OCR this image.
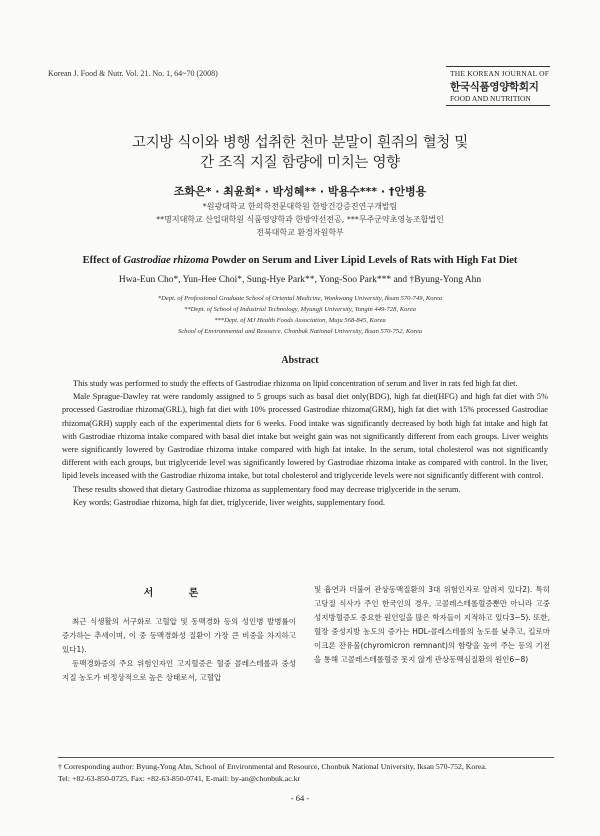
Korean J. Food & Nutr. Vol. 21. No. 1, 64~70 (2008)	THE KOREAN JOURNAL OF
한국식품영양학회지
FOOD AND NUTRITION
고지방 식이와 병행 섭취한 천마 분말이 흰쥐의 혈청 및
간 조직 지질 함량에 미치는 영향
조화은* · 최윤희* · 박성혜** · 박용수*** · †안병용
*원광대학교 한의학전문대학원 한방건강증진연구개발팀
**명지대학교 산업대학원 식품영양학과 한방약선전공, ***무주군약초영농조합법인
전북대학교 환경자원학부
Effect of Gastrodiae rhizoma Powder on Serum and Liver Lipid Levels of Rats with High Fat Diet
Hwa-Eun Cho*, Yun-Hee Choi*, Sung-Hye Park**, Yong-Soo Park*** and †Byung-Yong Ahn
*Dept. of Professional Graduate School of Oriental Medicine, Wonkwang University, Iksan 570-749, Korea
**Dept. of School of Industrial Technology, Myungji University, Yongin 449-728, Korea
***Dept. of MJ Health Foods Association, Muju 568-845, Korea
School of Environmental and Resource, Chonbuk National University, Iksan 570-752, Korea
Abstract

This study was performed to study the effects of Gastrodiae rhizoma on lipid concentration of serum and liver in rats fed high fat diet.

Male Sprague-Dawley rat were randomly assigned to 5 groups such as basal diet only(BDG), high fat diet(HFG) and high fat diet with 5% processed Gastrodiae rhizoma(GRL), high fat diet with 10% processed Gastrodiae rhizoma(GRM), high fat diet with 15% processed Gastrodiae rhizoma(GRH) supply each of the experimental diets for 6 weeks. Food intake was significantly decreased by both high fat intake and high fat with Gastrodiae rhizoma intake compared with basal diet intake but weight gain was not significantly different from each groups. Liver weights were significantly lowered by Gastrodiae rhizoma intake compared with high fat intake. In the serum, total cholesterol was not significantly different with each groups, but triglyceride level was significantly lowered by Gastrodiae rhizoma intake as compared with control. In the liver, lipid levels inceased with the Gastrodiae rhizoma intake, but total cholesterol and triglyceride levels were not significantly different with control.

These results showed that dietary Gastrodiae rhizoma as supplementary food may decrease triglyceride in the serum.

Key words: Gastrodiae rhizoma, high fat diet, triglyceride, liver weights, supplementary food.

서 론

최근 식생활의 서구화로 고혈압 및 동맥경화 등의 성인병 발병률이 증가하는 추세이며, 이 중 동맥경화성 질환이 가장 큰 비중을 차지하고 있다1).

동맥경화증의 주요 위험인자인 고지혈증은 혈중 콜레스테롤과 중성지질 농도가 비정상적으로 높은 상태로서, 고혈압

및 흡연과 더불어 관상동맥질환의 3대 위험인자로 알려져 있다2). 특히 고당질 식사가 주인 한국인의 경우, 고콜레스테롤혈증뿐만 아니라 고중성지방혈증도 중요한 원인일을 많은 학자들이 지적하고 있다3~5). 또한, 혈장 중성지방 농도의 증가는 HDL-콜레스테롤의 농도를 낮추고, 킬로마이크론 잔유물(chyromicron remnant)의 함량을 높여 주는 등의 기전을 통해 고콜레스테롤혈증 못지 않게 관상동맥심질환의 원인6~8)

† Corresponding author: Byung-Yong Ahn, School of Environmental and Resource, Chonbuk National University, Iksan 570-752, Korea.

Tel: +82-63-850-0725, Fax: +82-63-850-0741, E-mail: by-an@chonbuk.ac.kr

- 64 -
